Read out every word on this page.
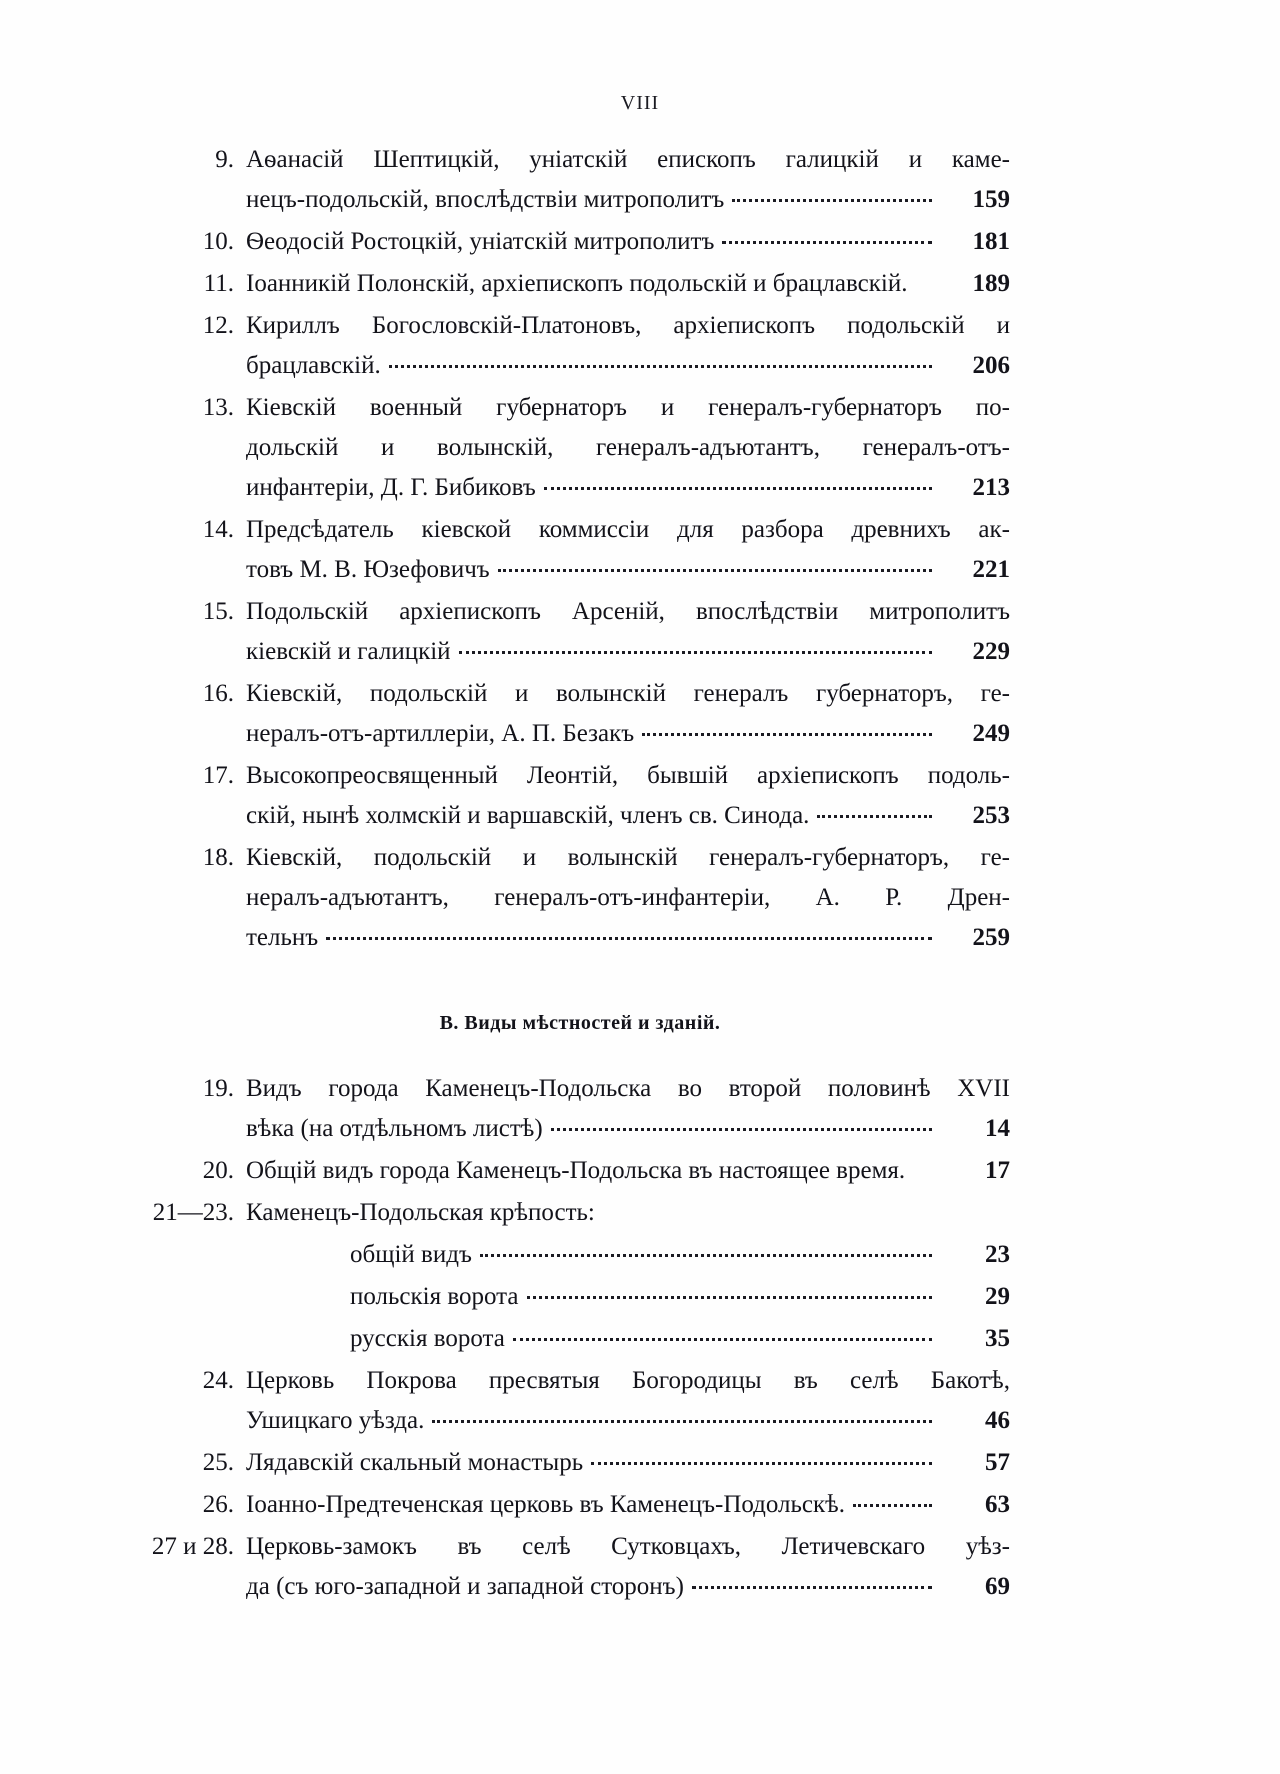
VIII
9. Аѳанасій Шептицкій, уніатскій епископъ галицкій и каме-
нецъ-подольскій, впослѣдствіи митрополитъ	159
10. Ѳеодосій Ростоцкій, уніатскій митрополитъ	181
11. Іоанникій Полонскій, архіепископъ подольскій и брацлавскій.	189
12. Кириллъ Богословскій-Платоновъ, архіепископъ подольскій и
брацлавскій.	206
13. Кіевскій военный губернаторъ и генералъ-губернаторъ по-
дольскій и волынскій, генералъ-адъютантъ, генералъ-отъ-
инфантеріи, Д. Г. Бибиковъ	213
14. Предсѣдатель кіевской коммиссіи для разбора древнихъ ак-
товъ М. В. Юзефовичъ	221
15. Подольскій архіепископъ Арсеній, впослѣдствіи митрополитъ
кіевскій и галицкій	229
16. Кіевскій, подольскій и волынскій генералъ губернаторъ, ге-
нералъ-отъ-артиллеріи, А. П. Безакъ	249
17. Высокопреосвященный Леонтій, бывшій архіепископъ подоль-
скій, нынѣ холмскій и варшавскій, членъ св. Синода.	253
18. Кіевскій, подольскій и волынскій генералъ-губернаторъ, ге-
нералъ-адъютантъ, генералъ-отъ-инфантеріи, А. Р. Дрен-
тельнъ	259
B. Виды мѣстностей и зданій.
19. Видъ города Каменецъ-Подольска во второй половинѣ XVII
вѣка (на отдѣльномъ листѣ)	14
20. Общій видъ города Каменецъ-Подольска въ настоящее время.	17
21—23. Каменецъ-Подольская крѣпость:
общій видъ	23
польскія ворота	29
русскія ворота	35
24. Церковь Покрова пресвятыя Богородицы въ селѣ Бакотѣ,
Ушицкаго уѣзда.	46
25. Лядавскій скальный монастырь	57
26. Іоанно-Предтеченская церковь въ Каменецъ-Подольскѣ.	63
27 и 28. Церковь-замокъ въ селѣ Сутковцахъ, Летичевскаго уѣз-
да (съ юго-западной и западной сторонъ)	69
